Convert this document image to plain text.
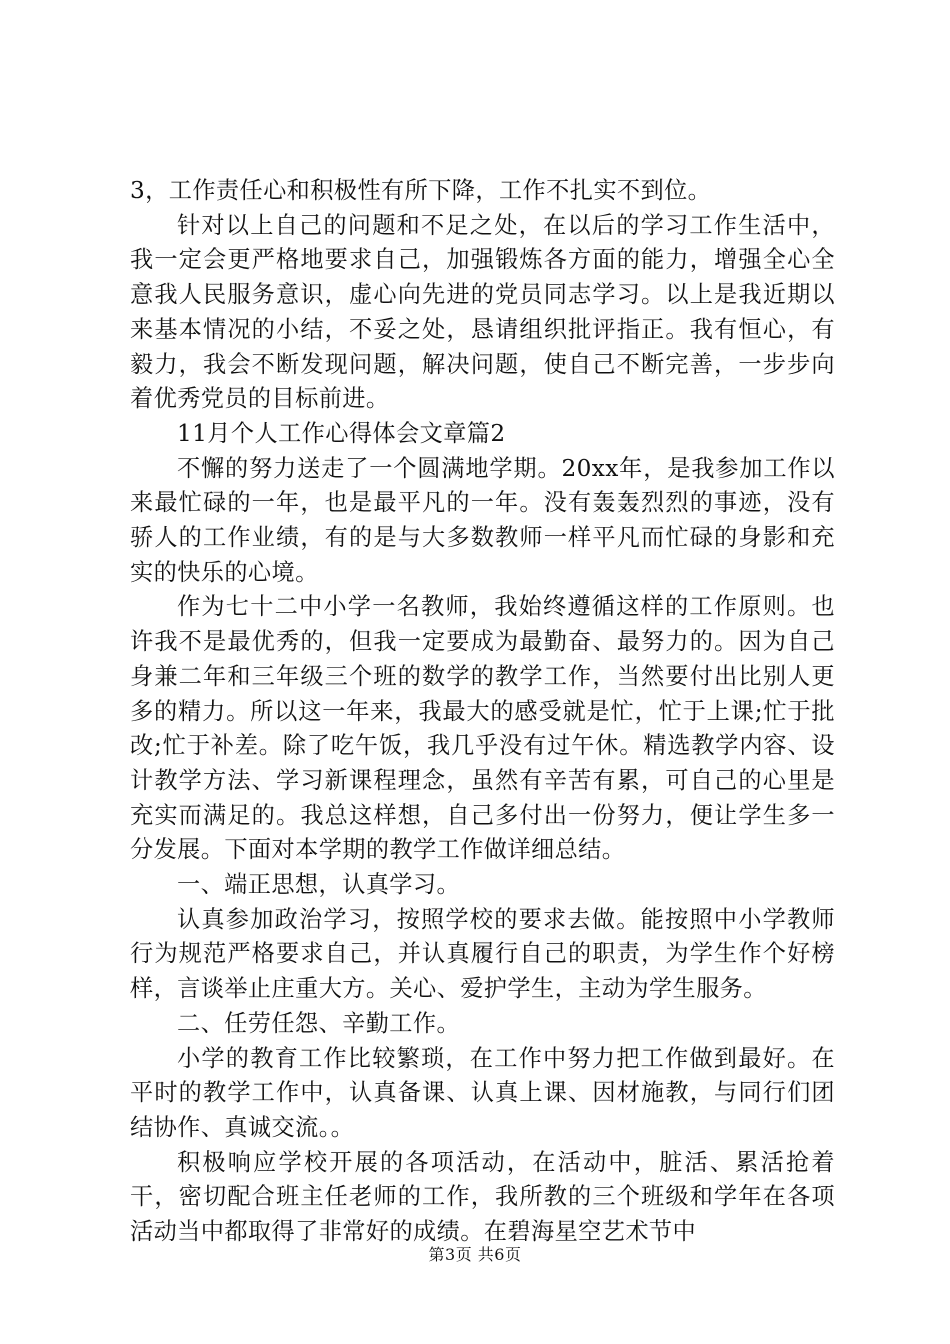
3，工作责任心和积极性有所下降，工作不扎实不到位。

针对以上自己的问题和不足之处，在以后的学习工作生活中，我一定会更严格地要求自己，加强锻炼各方面的能力，增强全心全意我人民服务意识，虚心向先进的党员同志学习。以上是我近期以来基本情况的小结，不妥之处，恳请组织批评指正。我有恒心，有毅力，我会不断发现问题，解决问题，使自己不断完善，一步步向着优秀党员的目标前进。

11月个人工作心得体会文章篇2

不懈的努力送走了一个圆满地学期。20xx年，是我参加工作以来最忙碌的一年，也是最平凡的一年。没有轰轰烈烈的事迹，没有骄人的工作业绩，有的是与大多数教师一样平凡而忙碌的身影和充实的快乐的心境。

作为七十二中小学一名教师，我始终遵循这样的工作原则。也许我不是最优秀的，但我一定要成为最勤奋、最努力的。因为自己身兼二年和三年级三个班的数学的教学工作，当然要付出比别人更多的精力。所以这一年来，我最大的感受就是忙，忙于上课;忙于批改;忙于补差。除了吃午饭，我几乎没有过午休。精选教学内容、设计教学方法、学习新课程理念，虽然有辛苦有累，可自己的心里是充实而满足的。我总这样想，自己多付出一份努力，便让学生多一分发展。下面对本学期的教学工作做详细总结。

一、端正思想，认真学习。

认真参加政治学习，按照学校的要求去做。能按照中小学教师行为规范严格要求自己，并认真履行自己的职责，为学生作个好榜样，言谈举止庄重大方。关心、爱护学生，主动为学生服务。

二、任劳任怨、辛勤工作。

小学的教育工作比较繁琐，在工作中努力把工作做到最好。在平时的教学工作中，认真备课、认真上课、因材施教，与同行们团结协作、真诚交流。。

积极响应学校开展的各项活动，在活动中，脏活、累活抢着干，密切配合班主任老师的工作，我所教的三个班级和学年在各项活动当中都取得了非常好的成绩。在碧海星空艺术节中

第3页 共6页
